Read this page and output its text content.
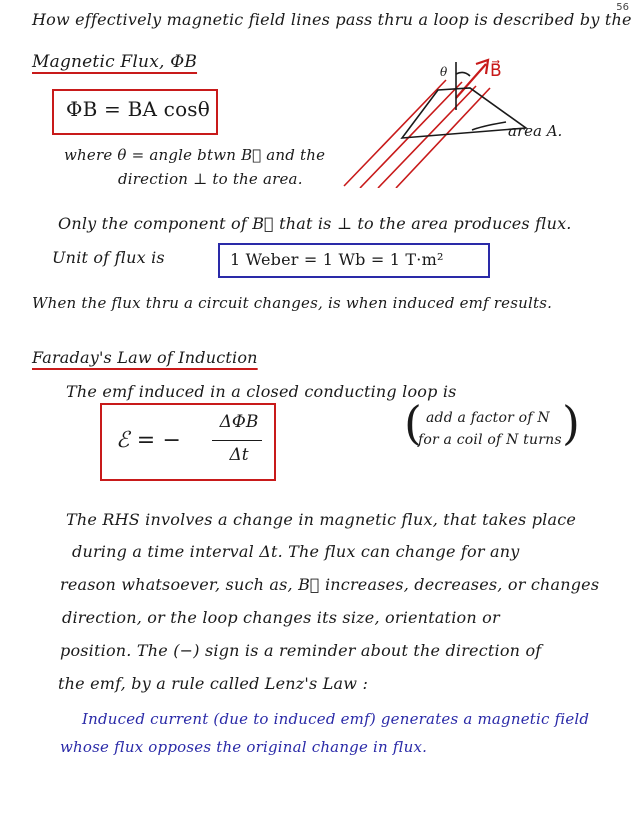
56
How effectively magnetic field lines pass thru a loop is described by the
Magnetic Flux, ΦB
ΦB = BA cosθ
where θ = angle btwn B⃗ and the
direction ⊥ to the area.
θ	B⃗
area A.
Only the component of B⃗ that is ⊥ to the area produces flux.
Unit of flux is	1 Weber = 1 Wb = 1 T·m²
When the flux thru a circuit changes, is when induced emf results.
Faraday's Law of Induction
The emf induced in a closed conducting loop is
ℰ = −
ΔΦB
Δt
( add a factor of N
for a coil of N turns )
The RHS involves a change in magnetic flux, that takes place
during a time interval Δt. The flux can change for any
reason whatsoever, such as, B⃗ increases, decreases, or changes
direction, or the loop changes its size, orientation or
position. The (−) sign is a reminder about the direction of
the emf, by a rule called Lenz's Law :
Induced current (due to induced emf) generates a magnetic field
whose flux opposes the original change in flux.
